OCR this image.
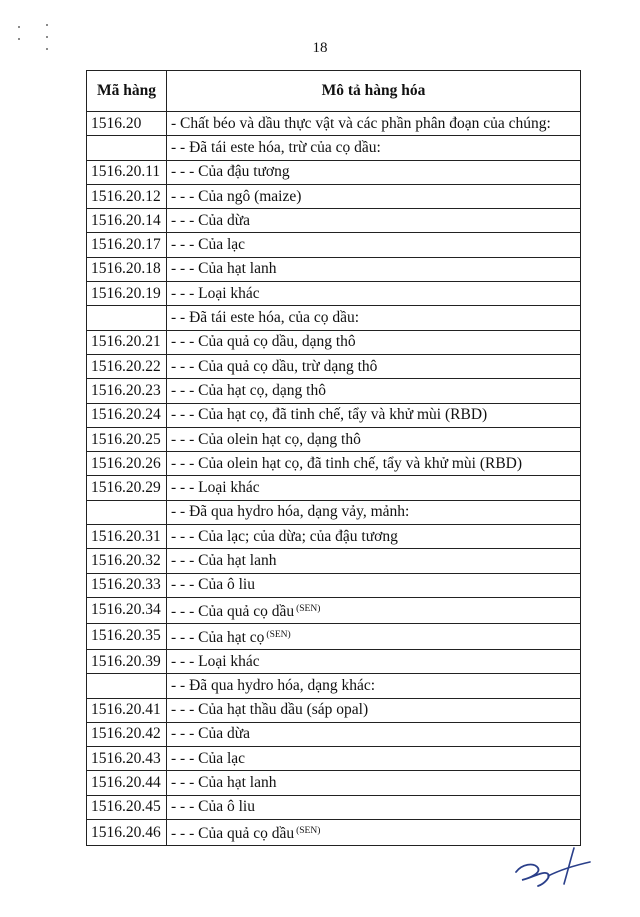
18
Mã hàng	Mô tả hàng hóa
1516.20	- Chất béo và dầu thực vật và các phần phân đoạn của chúng:
	- - Đã tái este hóa, trừ của cọ dầu:
1516.20.11	- - - Của đậu tương
1516.20.12	- - - Của ngô (maize)
1516.20.14	- - - Của dừa
1516.20.17	- - - Của lạc
1516.20.18	- - - Của hạt lanh
1516.20.19	- - - Loại khác
	- - Đã tái este hóa, của cọ dầu:
1516.20.21	- - - Của quả cọ dầu, dạng thô
1516.20.22	- - - Của quả cọ dầu, trừ dạng thô
1516.20.23	- - - Của hạt cọ, dạng thô
1516.20.24	- - - Của hạt cọ, đã tinh chế, tẩy và khử mùi (RBD)
1516.20.25	- - - Của olein hạt cọ, dạng thô
1516.20.26	- - - Của olein hạt cọ, đã tinh chế, tẩy và khử mùi (RBD)
1516.20.29	- - - Loại khác
	- - Đã qua hydro hóa, dạng vảy, mảnh:
1516.20.31	- - - Của lạc; của dừa; của đậu tương
1516.20.32	- - - Của hạt lanh
1516.20.33	- - - Của ô liu
1516.20.34	- - - Của quả cọ dầu $^{(SEN)}$
1516.20.35	- - - Của hạt cọ $^{(SEN)}$
1516.20.39	- - - Loại khác
	- - Đã qua hydro hóa, dạng khác:
1516.20.41	- - - Của hạt thầu dầu (sáp opal)
1516.20.42	- - - Của dừa
1516.20.43	- - - Của lạc
1516.20.44	- - - Của hạt lanh
1516.20.45	- - - Của ô liu
1516.20.46	- - - Của quả cọ dầu $^{(SEN)}$
